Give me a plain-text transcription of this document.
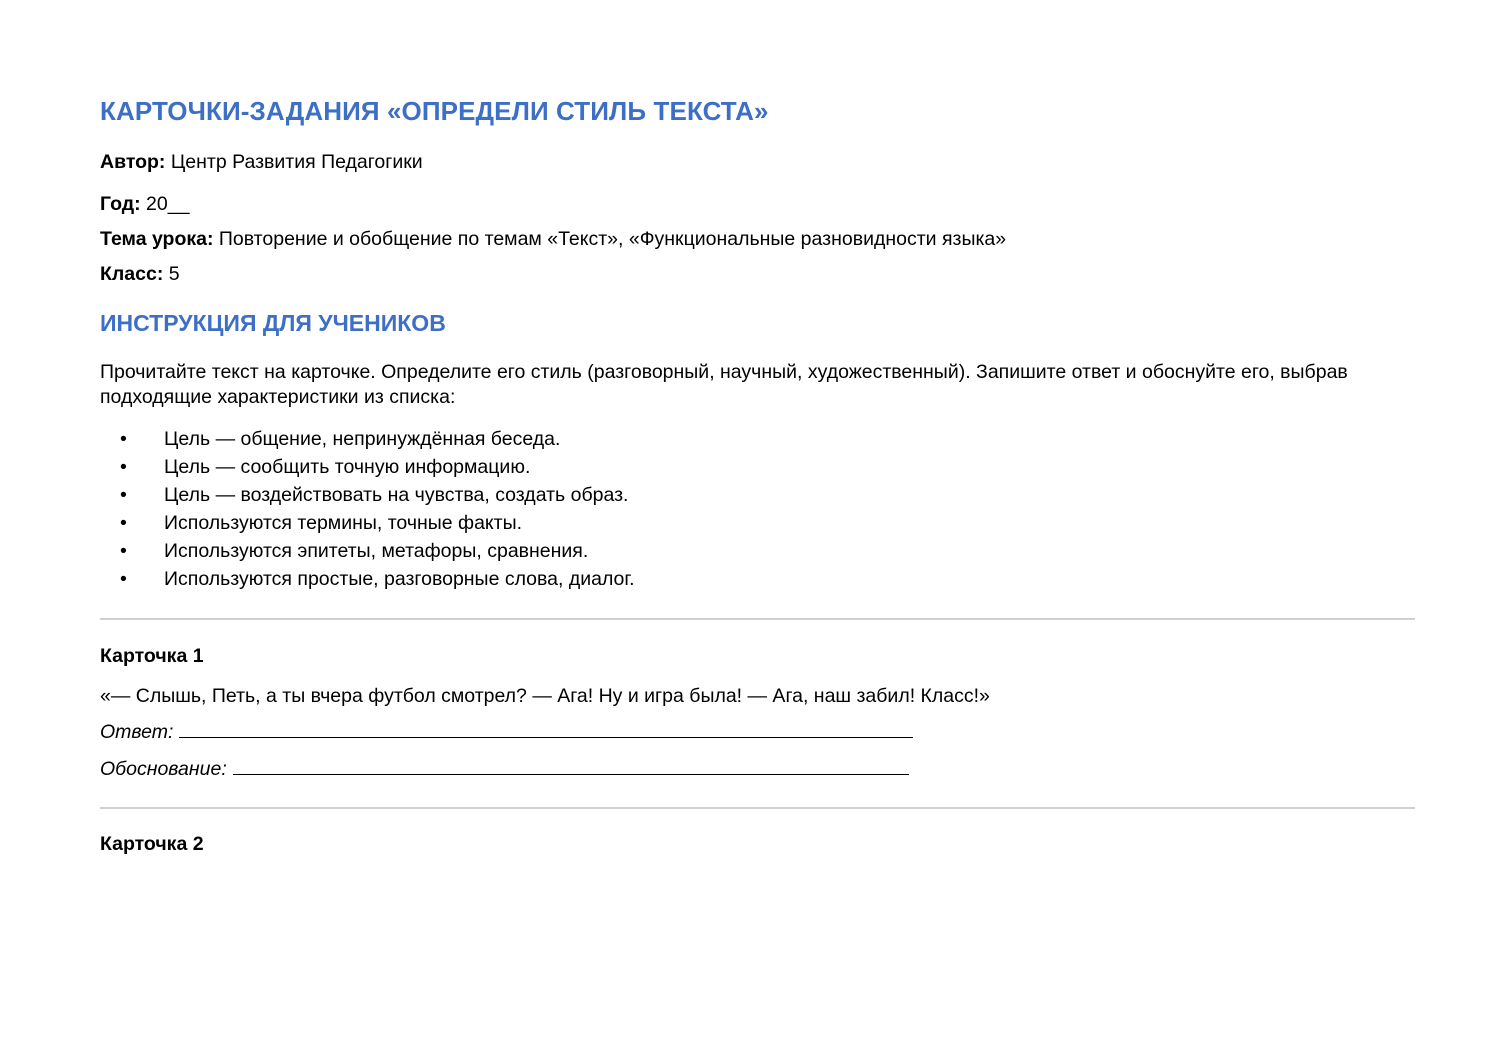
КАРТОЧКИ-ЗАДАНИЯ «ОПРЕДЕЛИ СТИЛЬ ТЕКСТА»
Автор: Центр Развития Педагогики
Год: 20__
Тема урока: Повторение и обобщение по темам «Текст», «Функциональные разновидности языка»
Класс: 5
ИНСТРУКЦИЯ ДЛЯ УЧЕНИКОВ

Прочитайте текст на карточке. Определите его стиль (разговорный, научный, художественный). Запишите ответ и обоснуйте его, выбрав подходящие характеристики из списка:

• Цель — общение, непринуждённая беседа.
• Цель — сообщить точную информацию.
• Цель — воздействовать на чувства, создать образ.
• Используются термины, точные факты.
• Используются эпитеты, метафоры, сравнения.
• Используются простые, разговорные слова, диалог.
Карточка 1

«— Слышь, Петь, а ты вчера футбол смотрел? — Ага! Ну и игра была! — Ага, наш забил! Класс!»

Ответ:
Обоснование:
Карточка 2
